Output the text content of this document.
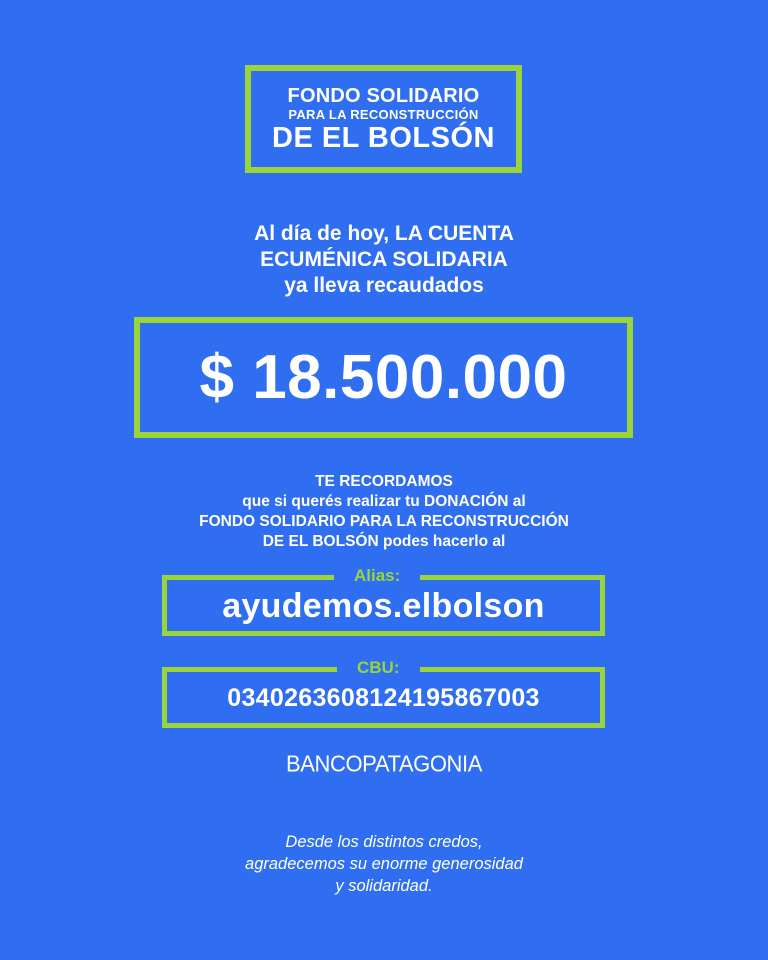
FONDO SOLIDARIO
PARA LA RECONSTRUCCIÓN
DE EL BOLSÓN
Al día de hoy, LA CUENTA
ECUMÉNICA SOLIDARIA
ya lleva recaudados
$ 18.500.000
TE RECORDAMOS
que si querés realizar tu DONACIÓN al
FONDO SOLIDARIO PARA LA RECONSTRUCCIÓN
DE EL BOLSÓN podes hacerlo al
ayudemos.elbolson
Alias:
0340263608124195867003
CBU:
BANCOPATAGONIA
Desde los distintos credos,
agradecemos su enorme generosidad
y solidaridad.
